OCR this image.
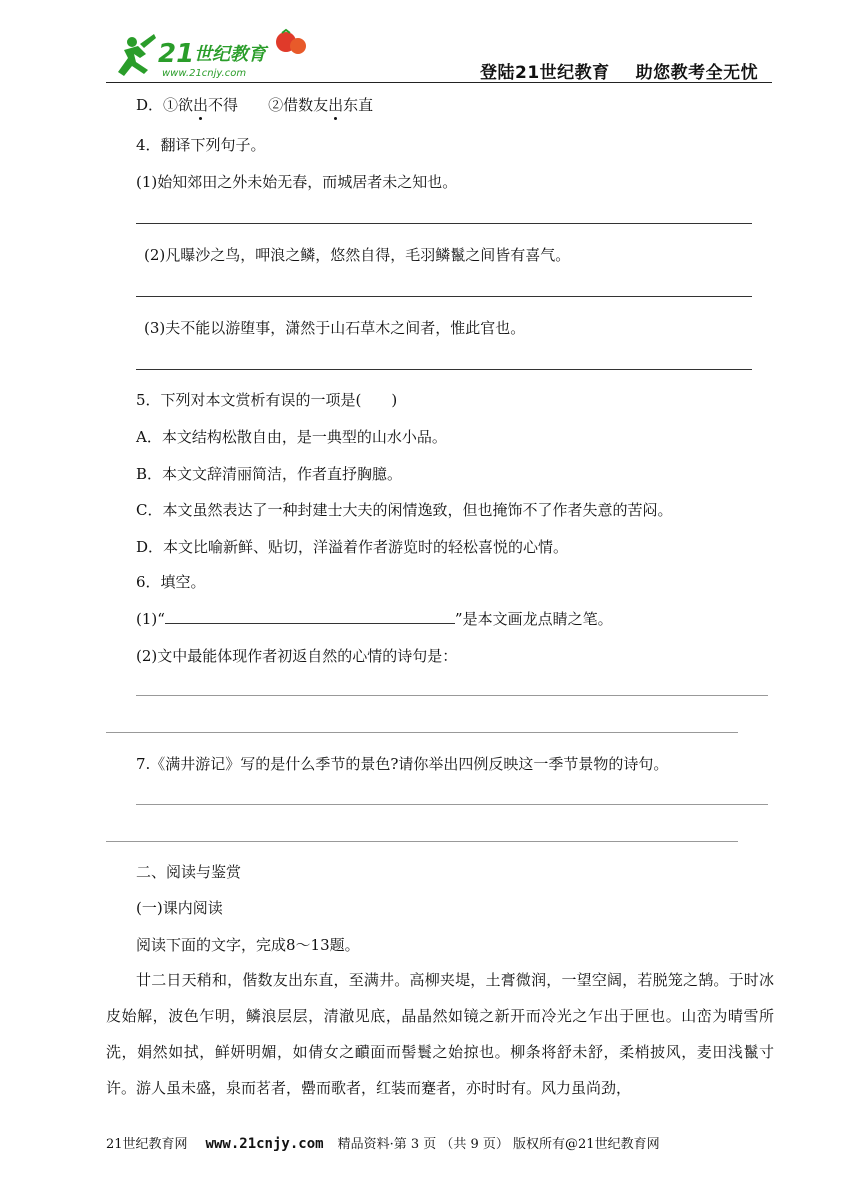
21 世纪教育
www.21cnjy.com	登陆21世纪教育 助您教考全无忧
D．①欲出不得 ②借数友出东直
4．翻译下列句子。
(1)始知郊田之外未始无春，而城居者未之知也。
(2)凡曝沙之鸟，呷浪之鳞，悠然自得，毛羽鳞鬣之间皆有喜气。
(3)夫不能以游堕事，潇然于山石草木之间者，惟此官也。
5．下列对本文赏析有误的一项是(　　)
A．本文结构松散自由，是一典型的山水小品。
B．本文文辞清丽简洁，作者直抒胸臆。
C．本文虽然表达了一种封建士大夫的闲情逸致，但也掩饰不了作者失意的苦闷。
D．本文比喻新鲜、贴切，洋溢着作者游览时的轻松喜悦的心情。
6．填空。
(1)“	”是本文画龙点睛之笔。
(2)文中最能体现作者初返自然的心情的诗句是：
7.《满井游记》写的是什么季节的景色?请你举出四例反映这一季节景物的诗句。
二、阅读与鉴赏
(一)课内阅读
阅读下面的文字，完成8～13题。
廿二日天稍和，偕数友出东直，至满井。高柳夹堤，土膏微润，一望空阔，若脱笼之鹄。于时冰皮始解，波色乍明，鳞浪层层，清澈见底，晶晶然如镜之新开而冷光之乍出于匣也。山峦为晴雪所洗，娟然如拭，鲜妍明媚，如倩女之靧面而髻鬟之始掠也。柳条将舒未舒，柔梢披风，麦田浅鬣寸许。游人虽未盛，泉而茗者，罍而歌者，红装而蹇者，亦时时有。风力虽尚劲，
21世纪教育网 www.21cnjy.com 精品资料·第 3 页 （共 9 页） 版权所有@21世纪教育网
